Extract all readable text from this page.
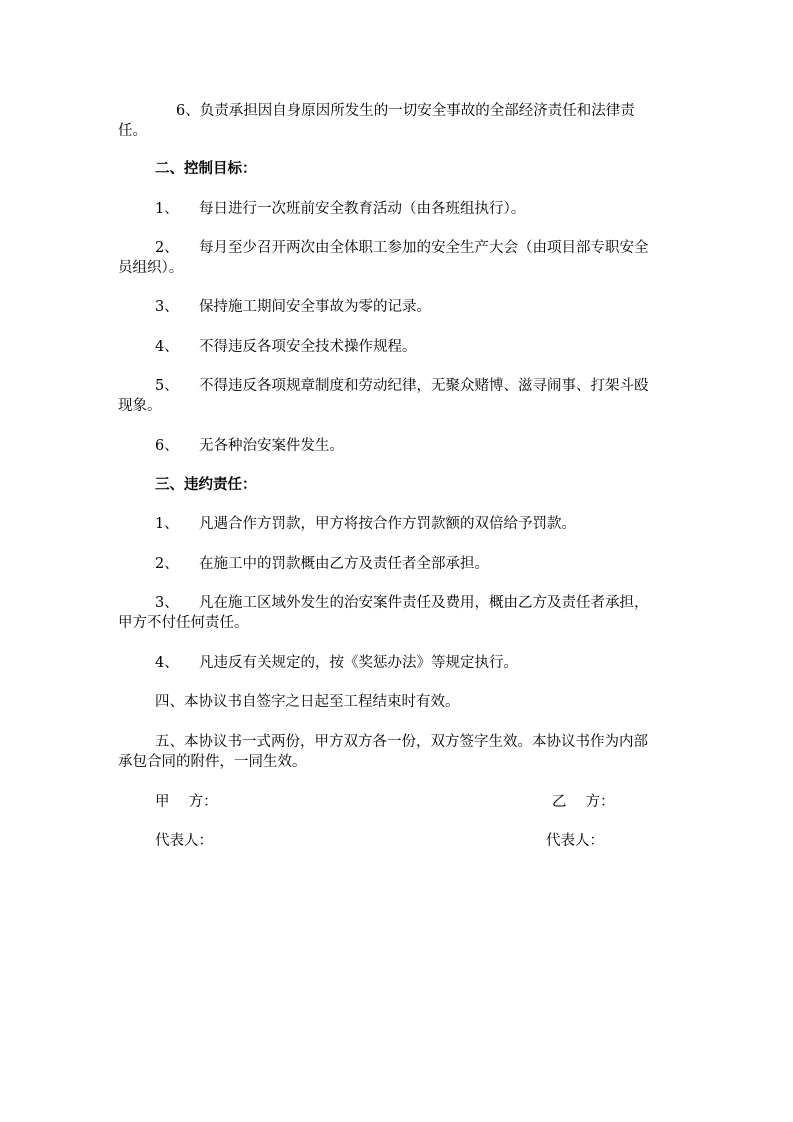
6、负责承担因自身原因所发生的一切安全事故的全部经济责任和法律责
任。
二、控制目标：
1、 每日进行一次班前安全教育活动（由各班组执行）。
2、 每月至少召开两次由全体职工参加的安全生产大会（由项目部专职安全
员组织）。
3、 保持施工期间安全事故为零的记录。
4、 不得违反各项安全技术操作规程。
5、 不得违反各项规章制度和劳动纪律，无聚众赌博、滋寻闹事、打架斗殴
现象。
6、 无各种治安案件发生。
三、违约责任：
1、 凡遇合作方罚款，甲方将按合作方罚款额的双倍给予罚款。
2、 在施工中的罚款概由乙方及责任者全部承担。
3、 凡在施工区域外发生的治安案件责任及费用，概由乙方及责任者承担，
甲方不付任何责任。
4、 凡违反有关规定的，按《奖惩办法》等规定执行。
四、本协议书自签字之日起至工程结束时有效。
五、本协议书一式两份，甲方双方各一份，双方签字生效。本协议书作为内部
承包合同的附件，一同生效。
甲　 方：	乙　 方：
代表人：	代表人：
